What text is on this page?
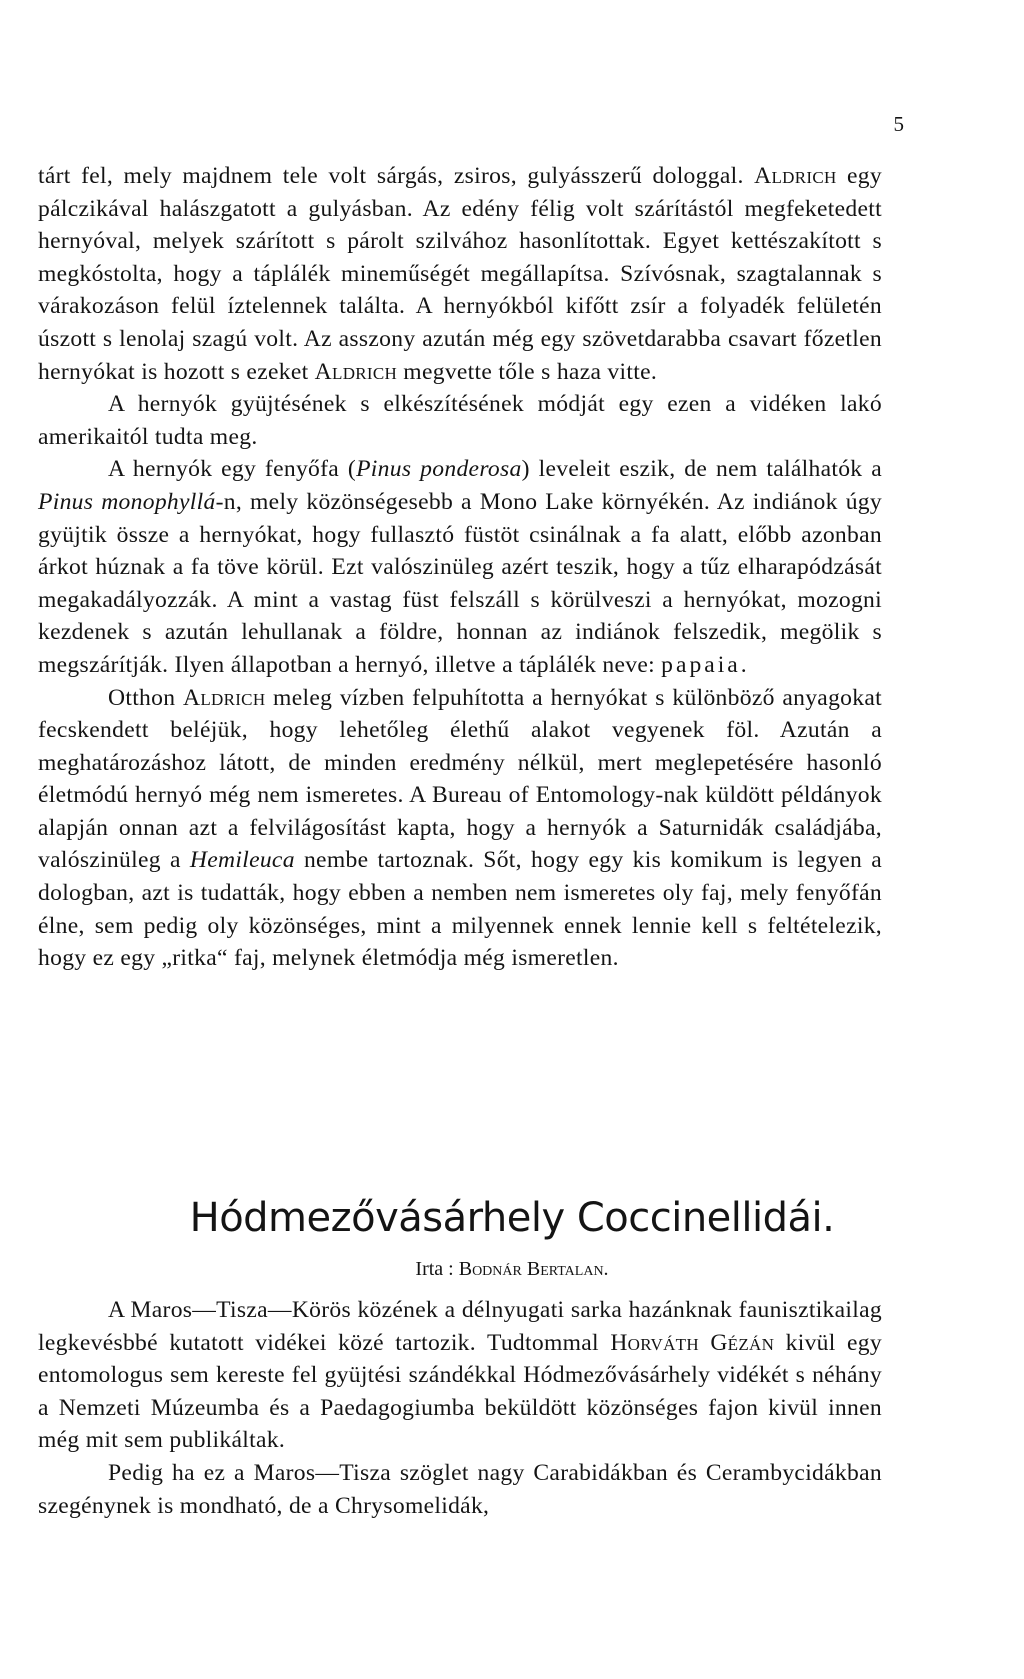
5

tárt fel, mely majdnem tele volt sárgás, zsiros, gulyásszerű dologgal. Aldrich egy pálczikával halászgatott a gulyásban. Az edény félig volt szárítástól megfeketedett hernyóval, melyek szárított s párolt szilvához hasonlítottak. Egyet kettészakított s megkóstolta, hogy a táplálék mineműségét megállapítsa. Szívósnak, szagtalannak s várakozáson felül íztelennek találta. A hernyókból kifőtt zsír a folyadék felületén úszott s lenolaj szagú volt. Az asszony azután még egy szövetdarabba csavart főzetlen hernyókat is hozott s ezeket Aldrich megvette tőle s haza vitte.

A hernyók gyüjtésének s elkészítésének módját egy ezen a vidéken lakó amerikaitól tudta meg.

A hernyók egy fenyőfa (Pinus ponderosa) leveleit eszik, de nem találhatók a Pinus monophyllá-n, mely közönségesebb a Mono Lake környékén. Az indiánok úgy gyüjtik össze a hernyókat, hogy fullasztó füstöt csinálnak a fa alatt, előbb azonban árkot húznak a fa töve körül. Ezt valószinüleg azért teszik, hogy a tűz elharapódzását megakadályozzák. A mint a vastag füst felszáll s körülveszi a hernyókat, mozogni kezdenek s azután lehullanak a földre, honnan az indiánok felszedik, megölik s megszárítják. Ilyen állapotban a hernyó, illetve a táplálék neve: papaia.

Otthon Aldrich meleg vízben felpuhította a hernyókat s különböző anyagokat fecskendett beléjük, hogy lehetőleg élethű alakot vegyenek föl. Azután a meghatározáshoz látott, de minden eredmény nélkül, mert meglepetésére hasonló életmódú hernyó még nem ismeretes. A Bureau of Entomology-nak küldött példányok alapján onnan azt a felvilágosítást kapta, hogy a hernyók a Saturnidák családjába, valószinüleg a Hemileuca nembe tartoznak. Sőt, hogy egy kis komikum is legyen a dologban, azt is tudatták, hogy ebben a nemben nem ismeretes oly faj, mely fenyőfán élne, sem pedig oly közönséges, mint a milyennek ennek lennie kell s feltételezik, hogy ez egy „ritka“ faj, melynek életmódja még ismeretlen.

Hódmezővásárhely Coccinellidái.
Irta : Bodnár Bertalan.

A Maros—Tisza—Körös közének a délnyugati sarka hazánknak faunisztikailag legkevésbbé kutatott vidékei közé tartozik. Tudtommal Horváth Gézán kivül egy entomologus sem kereste fel gyüjtési szándékkal Hódmezővásárhely vidékét s néhány a Nemzeti Múzeumba és a Paedagogiumba beküldött közönséges fajon kivül innen még mit sem publikáltak.

Pedig ha ez a Maros—Tisza szöglet nagy Carabidákban és Cerambycidákban szegénynek is mondható, de a Chrysomelidák,
